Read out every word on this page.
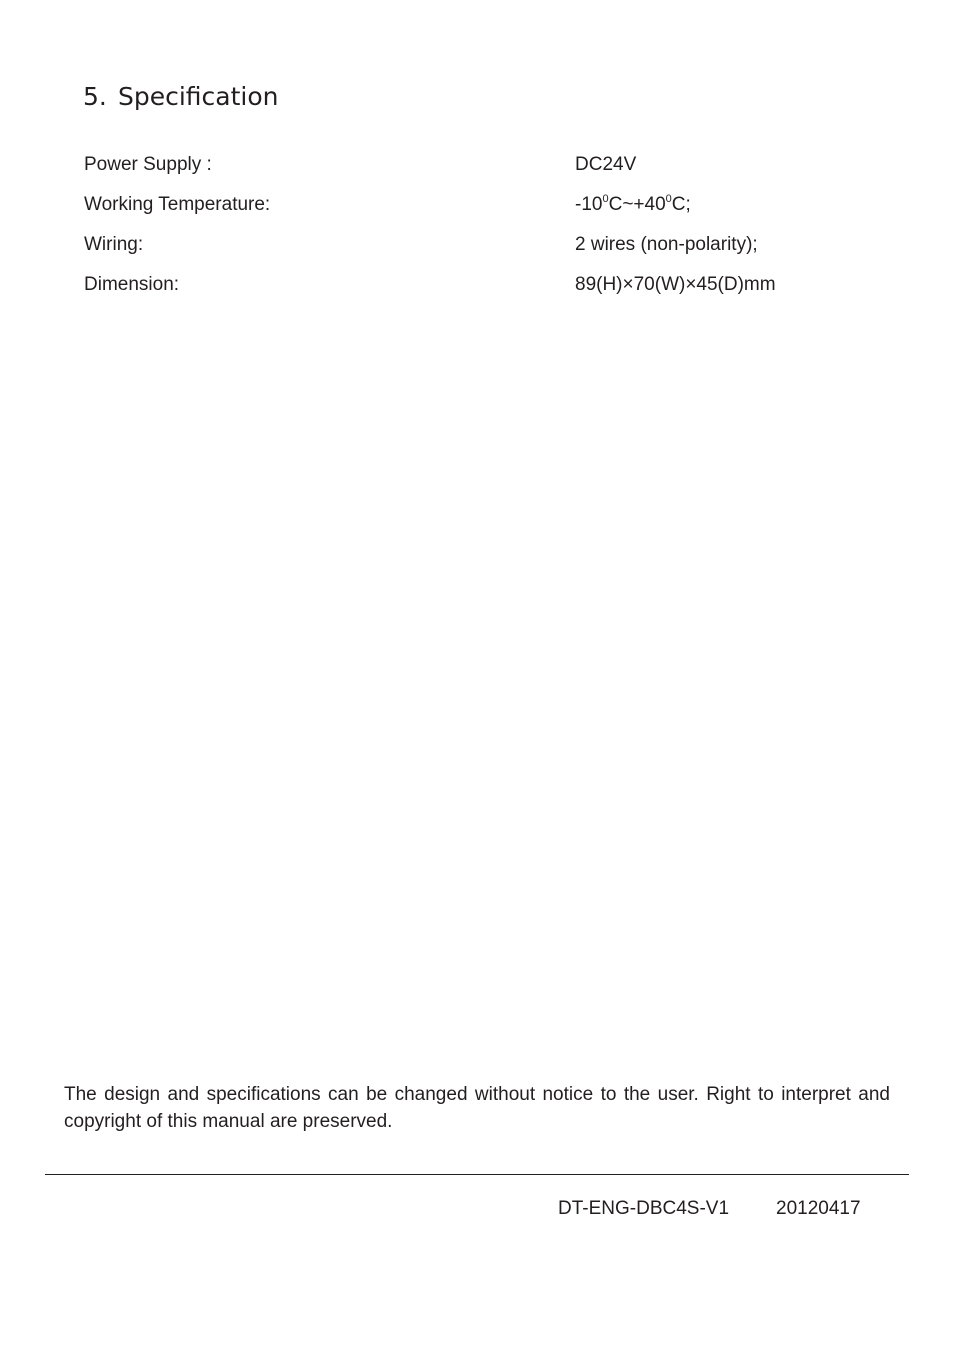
5. Specification
Power Supply :	DC24V
Working Temperature:	$-10^0C\sim+40^0C$;
Wiring:	2 wires (non-polarity);
Dimension:	89(H)×70(W)×45(D)mm
The design and specifications can be changed without notice to the user. Right to interpret and copyright of this manual are preserved.
DT-ENG-DBC4S-V1 20120417
